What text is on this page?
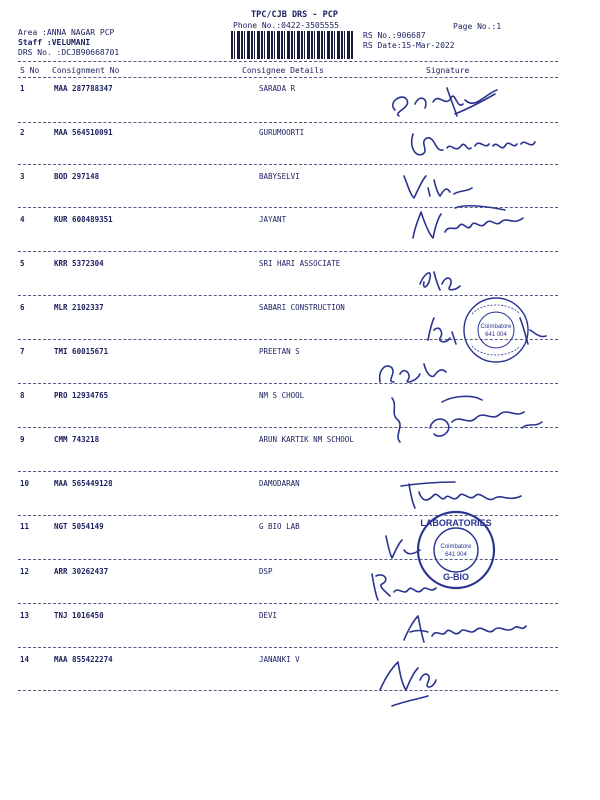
Area :ANNA NAGAR PCP
Staff :VELUMANI
DRS No. :DCJB90668701
TPC/CJB DRS - PCP
Phone No.:0422-3505555	Page No.:1
RS No.:906687
RS Date:15-Mar-2022
S No Consignment No	Consignee Details	Signature
1	MAA 287788347	SARADA R
2	MAA 564510091	GURUMOORTI
3	BOD 297148	BABYSELVI
4	KUR 608489351	JAYANT
5	KRR 5372304	SRI HARI ASSOCIATE
6	MLR 2102337	SABARI CONSTRUCTION
7	TMI 60015671	PREETAN S
8	PRO 12934765	NM S CHOOL
9	CMM 743218	ARUN KARTIK NM SCHOOL
10	MAA 565449128	DAMODARAN
11	NGT 5054149	G BIO LAB
12	ARR 30262437	DSP
13	TNJ 1016450	DEVI
14	MAA 855422274	JANANKI V
Coimbatore
641 004
LABORATORIES
G-BIO
Coimbatore
641 004
